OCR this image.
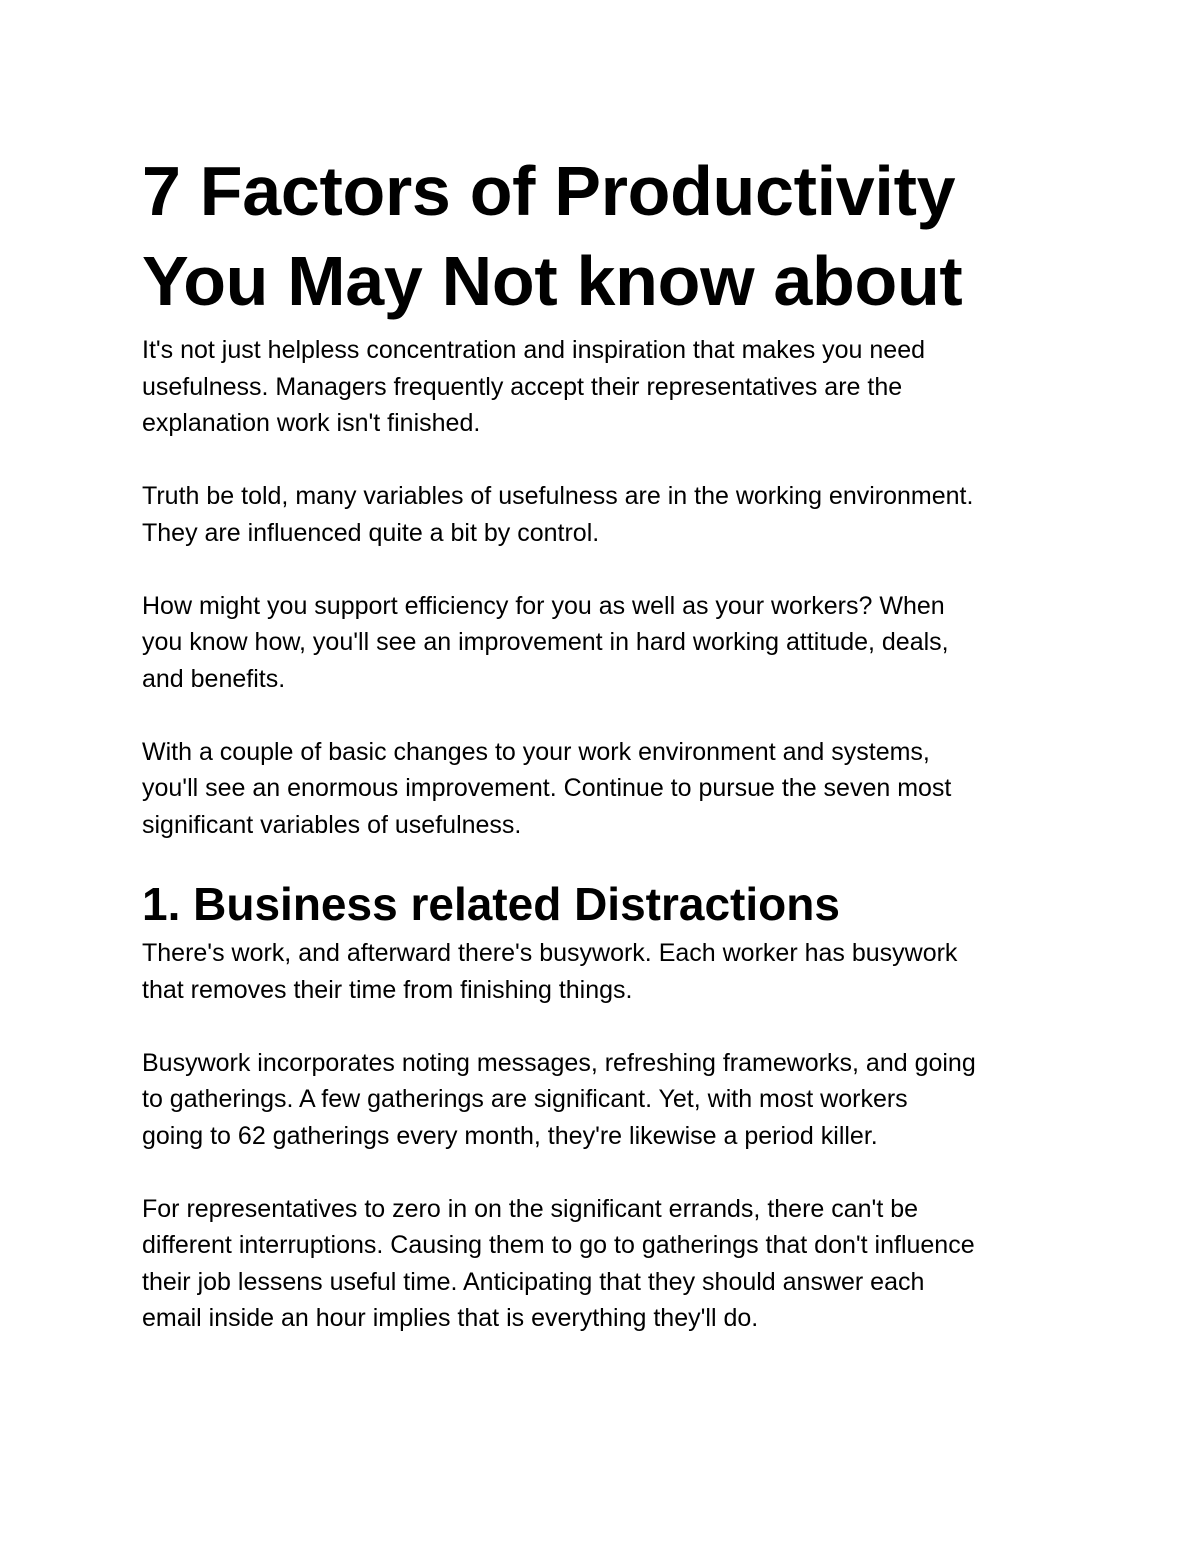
7 Factors of Productivity
You May Not know about

It's not just helpless concentration and inspiration that makes you need
usefulness. Managers frequently accept their representatives are the
explanation work isn't finished.

Truth be told, many variables of usefulness are in the working environment.
They are influenced quite a bit by control.

How might you support efficiency for you as well as your workers? When
you know how, you'll see an improvement in hard working attitude, deals,
and benefits.

With a couple of basic changes to your work environment and systems,
you'll see an enormous improvement. Continue to pursue the seven most
significant variables of usefulness.

1. Business related Distractions

There's work, and afterward there's busywork. Each worker has busywork
that removes their time from finishing things.

Busywork incorporates noting messages, refreshing frameworks, and going
to gatherings. A few gatherings are significant. Yet, with most workers
going to 62 gatherings every month, they're likewise a period killer.

For representatives to zero in on the significant errands, there can't be
different interruptions. Causing them to go to gatherings that don't influence
their job lessens useful time. Anticipating that they should answer each
email inside an hour implies that is everything they'll do.
